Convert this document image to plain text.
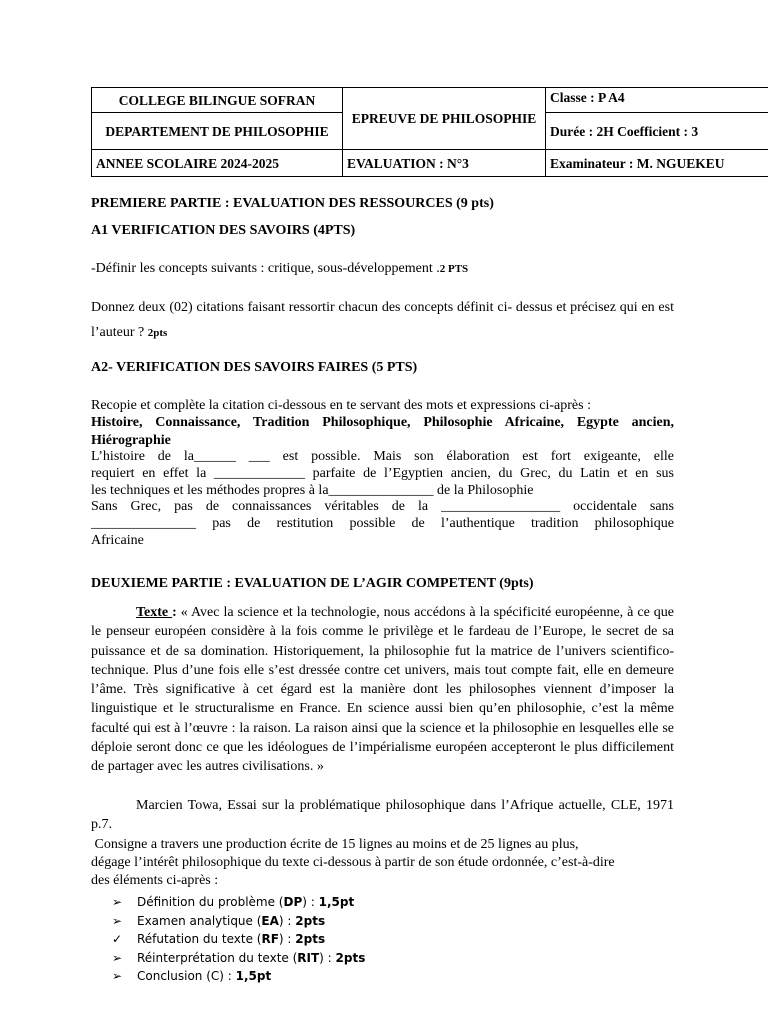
COLLEGE BILINGUE SOFRAN	EPREUVE DE PHILOSOPHIE	Classe : P A4
DEPARTEMENT DE PHILOSOPHIE		Durée : 2H Coefficient : 3
ANNEE SCOLAIRE 2024-2025	EVALUATION : N°3	Examinateur : M. NGUEKEU
PREMIERE PARTIE : EVALUATION DES RESSOURCES (9 pts)
A1 VERIFICATION DES SAVOIRS (4PTS)
-Définir les concepts suivants : critique, sous-développement .2 PTS
Donnez deux (02) citations faisant ressortir chacun des concepts définit ci- dessus et précisez qui en est l’auteur ? 2pts
A2- VERIFICATION DES SAVOIRS FAIRES (5 PTS)
Recopie et complète la citation ci-dessous en te servant des mots et expressions ci-après :
Histoire, Connaissance, Tradition Philosophique, Philosophie Africaine, Egypte ancien, Hiérographie
L’histoire de la______ ___ est possible. Mais son élaboration est fort exigeante, elle
requiert en effet la _____________ parfaite de l’Egyptien ancien, du Grec, du Latin et en sus
les techniques et les méthodes propres à la_______________ de la Philosophie
Sans Grec, pas de connaissances véritables de la _________________ occidentale sans
_______________ pas de restitution possible de l’authentique tradition philosophique
Africaine
DEUXIEME PARTIE : EVALUATION DE L’AGIR COMPETENT (9pts)
Texte : « Avec la science et la technologie, nous accédons à la spécificité européenne, à ce que le penseur européen considère à la fois comme le privilège et le fardeau de l’Europe, le secret de sa puissance et de sa domination. Historiquement, la philosophie fut la matrice de l’univers scientifico-technique. Plus d’une fois elle s’est dressée contre cet univers, mais tout compte fait, elle en demeure l’âme. Très significative à cet égard est la manière dont les philosophes viennent d’imposer la linguistique et le structuralisme en France. En science aussi bien qu’en philosophie, c’est la même faculté qui est à l’œuvre : la raison. La raison ainsi que la science et la philosophie en lesquelles elle se déploie seront donc ce que les idéologues de l’impérialisme européen accepteront le plus difficilement de partager avec les autres civilisations. »
Marcien Towa, Essai sur la problématique philosophique dans l’Afrique actuelle, CLE, 1971 p.7.
Consigne a travers une production écrite de 15 lignes au moins et de 25 lignes au plus,
dégage l’intérêt philosophique du texte ci-dessous à partir de son étude ordonnée, c’est-à-dire
des éléments ci-après :
➢ Définition du problème (DP) : 1,5pt
➢ Examen analytique (EA) : 2pts
✓ Réfutation du texte (RF) : 2pts
➢ Réinterprétation du texte (RIT) : 2pts
➢ Conclusion (C) : 1,5pt
